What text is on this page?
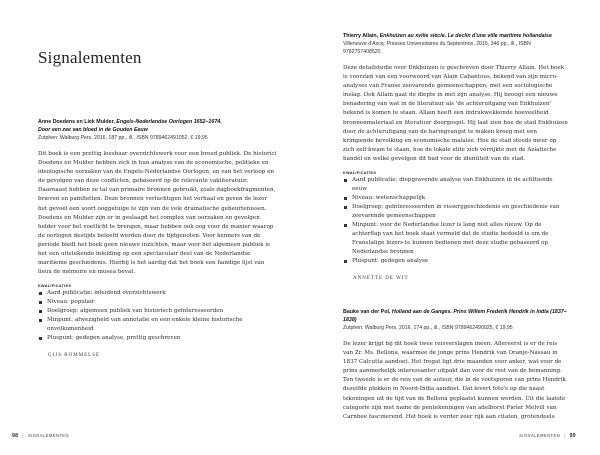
Signalementen
Anne Doedens en Liek Mulder, Engels-Nederlandse Oorlogen 1652–1674.
Door een zee van bloed in de Gouden Eeuw
Zutphen: Walburg Pers, 2016, 187 pp., ill., ISBN 9789462491052, € 19,95

Dit boek is een prettig leesbaar overzichtswerk voor een breed publiek. De historici Doedens en Mulder hebben zich in hun analyse van de economische, politieke en ideologische oorzaken van de Engels-Nederlandse Oorlogen, en van het verloop en de gevolgen van deze conflicten, gebaseerd op de relevante vakliteratuur. Daarnaast hebben ze tal van primaire bronnen gebruikt, zoals dagboekfragmenten, brieven en pamfletten. Deze bronnen verluchtigen het verhaal en geven de lezer het gevoel een soort ooggetuige te zijn van de vele dramatische gebeurtenissen. Doedens en Mulder zijn er in geslaagd het complex van oorzaken en gevolgen helder voor het voetlicht te brengen, maar hebben ook oog voor de manier waarop de oorlogen destijds beleefd werden door de tijdgenoten. Voor kenners van de periode biedt het boek geen nieuwe inzichten, maar voor het algemeen publiek is het een uitstekende inleiding op een spectaculair deel van de Nederlandse maritieme geschiedenis. Hierbij is het aardig dat het boek een handige lijst van lieux de mémoire en musea bevat.

KWALIFICATIES
Aard publicatie: inleidend overzichtswerk
Niveau: populair
Doelgroep: algemeen publiek van historisch geïnteresseerden
Minpunt: afwezigheid van annotatie en een enkele kleine historische onvolkomenheid
Pluspunt: gedegen analyse, prettig geschreven
GIJS ROMMELSE
98 | SIGNALEMENTEN
Thierry Allain, Enkhuizen au xviiie siècle. Le declin d'une ville maritime hollandaise
Villeneuve d'Ascq: Presses Universitaires du Septentrion, 2015, 346 pp., ill., ISBN 9782757408520

Deze detailstudie over Enkhuizen is geschreven door Thierry Allain. Het boek is voorzien van een voorwoord van Alain Cabantous, bekend van zijn micro-analyses van Franse zeevarende gemeenschappen, met een sociologische inslag. Ook Allain gaat de diepte in met zijn analyse. Hij beoogt een nieuwe benadering van wat in de literatuur als 'de achteruitgang van Enkhuizen' bekend is komen te staan. Allain heeft een indrukwekkende hoeveelheid bronnenmateriaal en literatuur doorgespit. Hij laat zien hoe de stad Enkhuizen door de achteruitgang van de haringvangst te maken kreeg met een krimpende bevolking en economische malaise. Hoe de stad steeds meer op zich zelf kwam te staan, hoe de lokale elite zich verrijkte met de Aziatische handel en welke gevolgen dit had voor de identiteit van de stad.

KWALIFICATIES
Aard publicatie: diepgravende analyse van Enkhuizen in de achttiende eeuw
Niveau: wetenschappelijk
Doelgroep: geïnteresseerden in visserijgeschiedenis en geschiedenis van zeevarende gemeenschappen
Minpunt: voor de Nederlandse lezer is lang niet alles nieuw. Op de achterflap van het boek staat vermeld dat de studie bedoeld is om de Franstalige lezers te kunnen bedienen met deze studie gebaseerd op Nederlandse bronnen
Pluspunt: gedegen analyse
ANNETTE DE WIT
Bauke van der Pol, Holland aan de Ganges. Prins Willem Frederik Hendrik in India (1837–1838)
Zutphen: Walburg Pers, 2016, 174 pp., ill., ISBN 9789462490925, € 19,95

De lezer krijgt bij dit boek twee reisverslagen ineen. Allereerst is er de reis van Zr. Ms. Bellona, waarmee de jonge prins Hendrik van Oranje-Nassau in 1837 Calcutta aandoet. Het fregat ligt drie maanden voor anker, wat voor de prins aanmerkelijk interessanter uitpakt dan voor de rest van de bemanning. Ten tweede is er de reis van de auteur, die in de voetsporen van prins Hendrik dezelfde plekken in Noord-India aandoet. Dat levert foto's op die naast tekeningen uit de tijd van de Bellona geplaatst kunnen worden. Uit die laatste categorie zijn met name de pentekeningen van adelborst Pieter Melvill van Carnbee fascinerend. Het boek is verder zeer rijk aan citaten, grotendeels

SIGNALEMENTEN | 99
